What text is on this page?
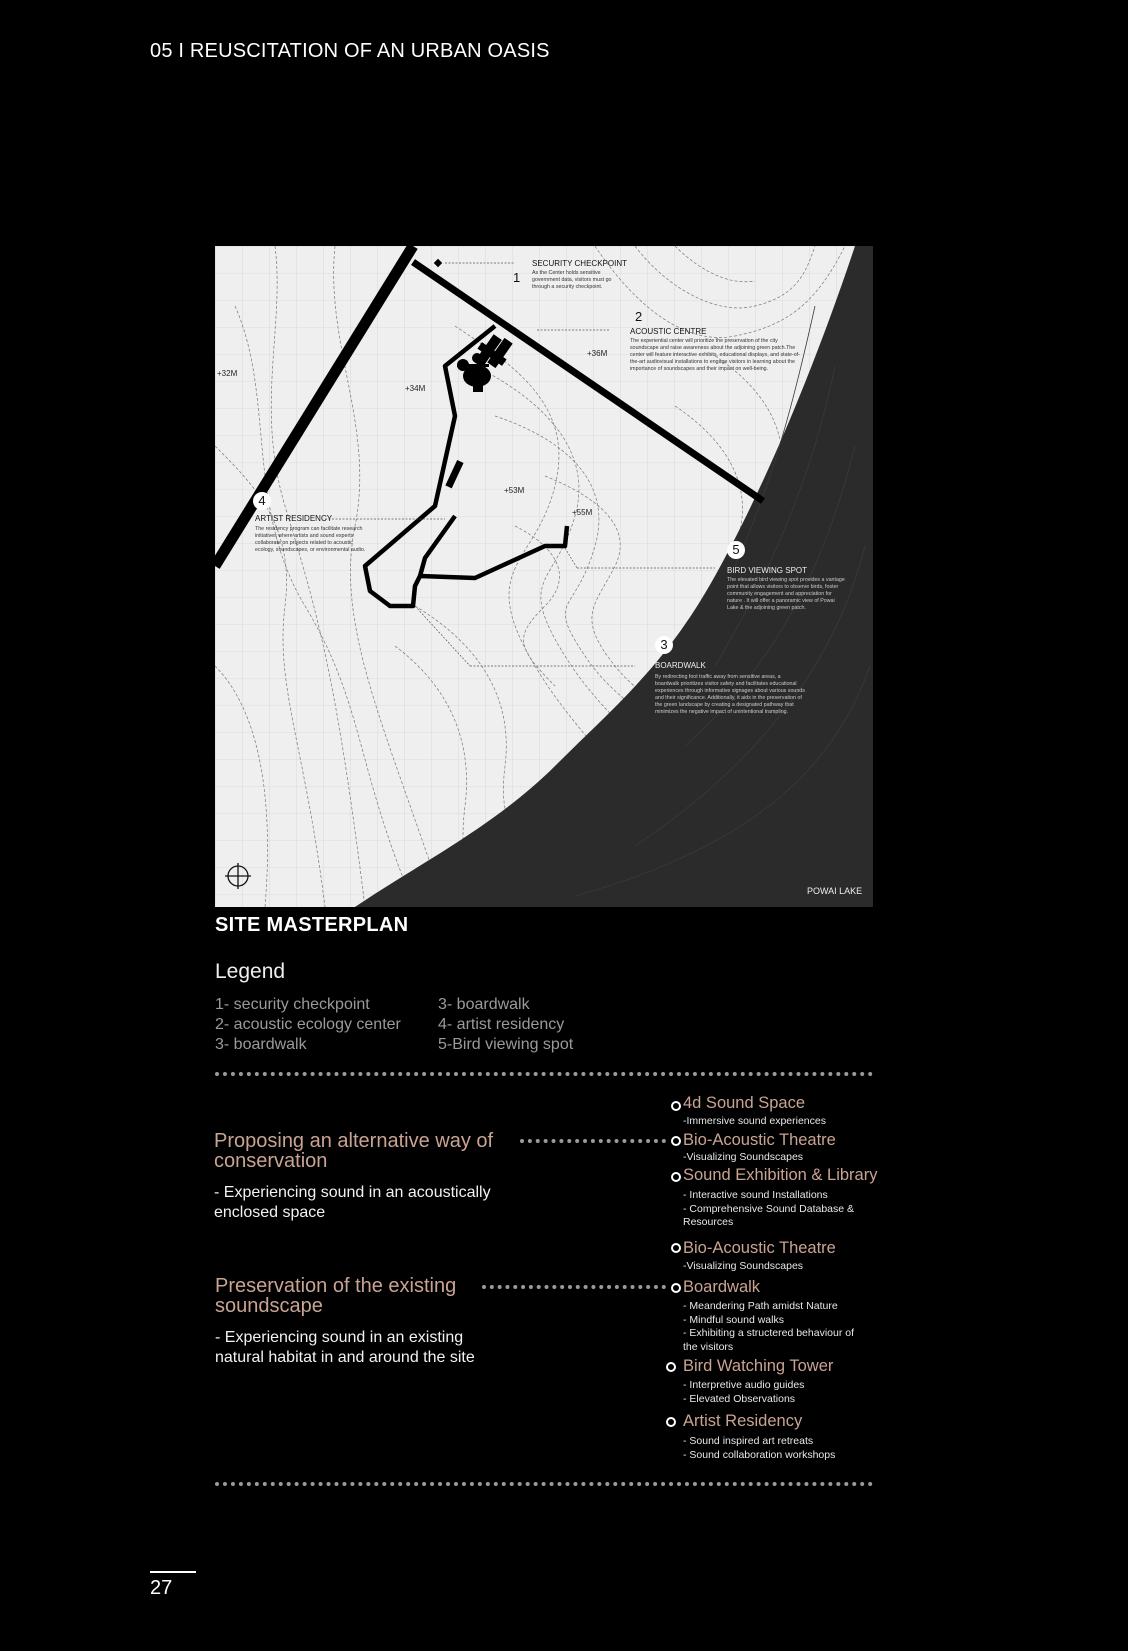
05 I REUSCITATION OF AN URBAN OASIS
+32M
+34M
+36M
+53M
+55M
1
SECURITY CHECKPOINT
As the Center holds sensitive government data, visitors must go through a security checkpoint.
2
ACOUSTIC CENTRE
The experiential center will prioritize the preservation of the city soundscape and raise awareness about the adjoining green patch.The center will feature interactive exhibits, educational displays, and state-of-the-art audiovisual installations to engage visitors in learning about the importance of soundscapes and their impact on well-being.
4
ARTIST RESIDENCY
The residency program can facilitate research initiatives where artists and sound experts collaborate on projects related to acoustic ecology, soundscapes, or environmental audio.	5
BIRD VIEWING SPOT
The elevated bird viewing spot provides a vantage point that allows visitors to observe birds, foster community engagement and appreciation for nature . It will offer a panoramic view of Powai Lake & the adjoining green patch.
3
BOARDWALK
By redirecting foot traffic away from sensitive areas, a boardwalk prioritizes visitor safety and facilitates educational experiences through informative signages about various sounds and their significance. Additionally, it aids in the preservation of the green landscape by creating a designated pathway that minimizes the negative impact of unintentional trampling.
POWAI LAKE
SITE MASTERPLAN
Legend
1- security checkpoint
2- acoustic ecology center
3- boardwalk
3- boardwalk
4- artist residency
5-Bird viewing spot
Proposing an alternative way of conservation
- Experiencing sound in an acoustically enclosed space
Preservation of the existing soundscape
- Experiencing sound in an existing natural habitat in and around the site
4d Sound Space
-Immersive sound experiences
Bio-Acoustic Theatre
-Visualizing Soundscapes
Sound Exhibition & Library
- Interactive sound Installations
- Comprehensive Sound Database & Resources
Bio-Acoustic Theatre
-Visualizing Soundscapes
Boardwalk
- Meandering Path amidst Nature
- Mindful sound walks
- Exhibiting a structered behaviour of the visitors
Bird Watching Tower
- Interpretive audio guides
- Elevated Observations
Artist Residency
- Sound inspired art retreats
- Sound collaboration workshops
27
